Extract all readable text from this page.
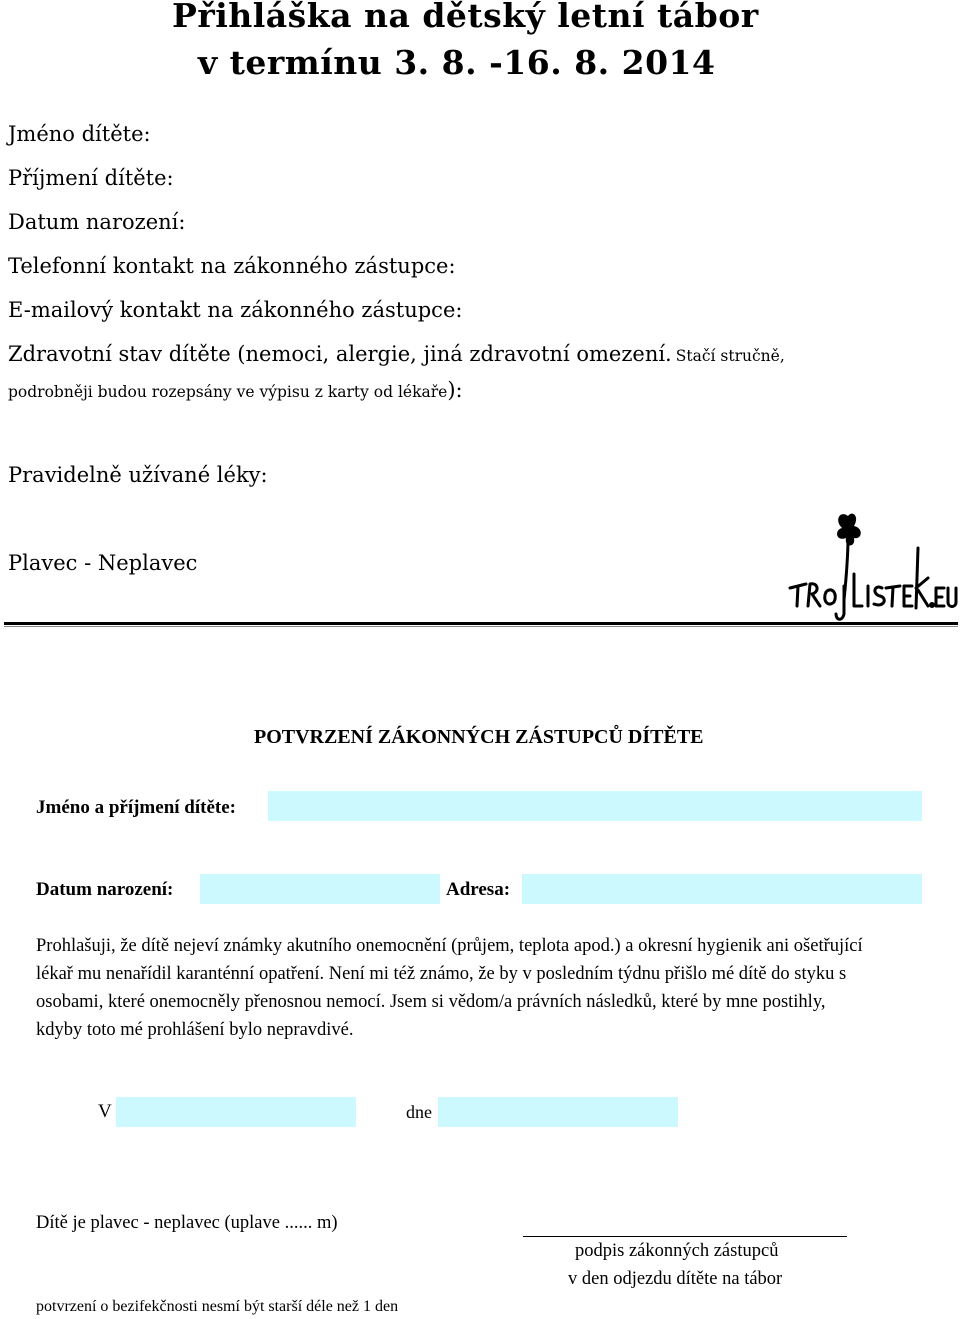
Přihláška na dětský letní tábor
v termínu 3. 8. -16. 8. 2014
Jméno dítěte:
Příjmení dítěte:
Datum narození:
Telefonní kontakt na zákonného zástupce:
E-mailový kontakt na zákonného zástupce:
Zdravotní stav dítěte (nemoci, alergie, jiná zdravotní omezení. Stačí stručně,
podrobněji budou rozepsány ve výpisu z karty od lékaře):
Pravidelně užívané léky:
Plavec - Neplavec
POTVRZENÍ ZÁKONNÝCH ZÁSTUPCŮ DÍTĚTE
Jméno a příjmení dítěte:
Datum narození:	Adresa:
Prohlašuji, že dítě nejeví známky akutního onemocnění (průjem, teplota apod.) a okresní hygienik ani ošetřující
lékař mu nenařídil karanténní opatření. Není mi též známo, že by v posledním týdnu přišlo mé dítě do styku s
osobami, které onemocněly přenosnou nemocí. Jsem si vědom/a právních následků, které by mne postihly,
kdyby toto mé prohlášení bylo nepravdivé.
V	dne
Dítě je plavec - neplavec (uplave ...... m)
podpis zákonných zástupců
v den odjezdu dítěte na tábor
potvrzení o bezifekčnosti nesmí být starší déle než 1 den
